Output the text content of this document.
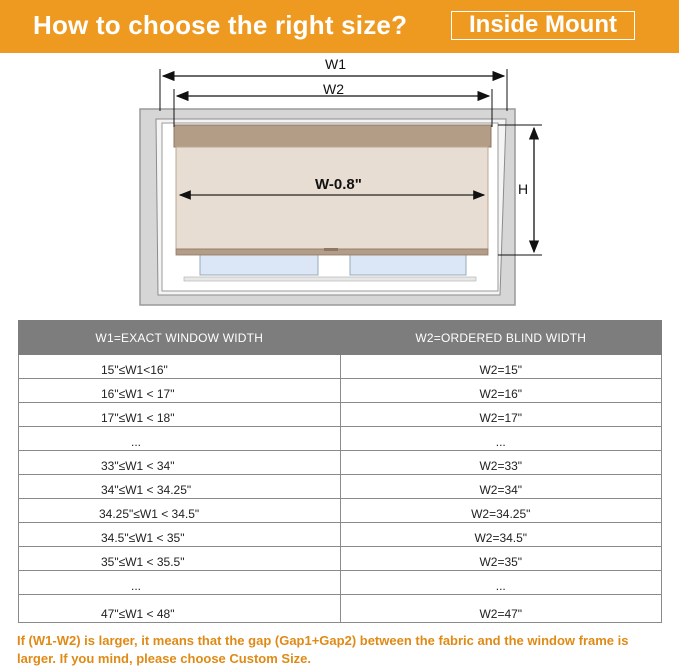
How to choose the right size?	Inside Mount
W1
W2
W-0.8"	H
W1=EXACT WINDOW WIDTH	W2=ORDERED BLIND WIDTH
15"≤W1<16"	W2=15"
16"≤W1 < 17"	W2=16"
17"≤W1 < 18"	W2=17"
...	...
33"≤W1 < 34"	W2=33"
34"≤W1 < 34.25"	W2=34"
34.25"≤W1 < 34.5"	W2=34.25"
34.5"≤W1 < 35"	W2=34.5"
35"≤W1 < 35.5"	W2=35"
...	...
47"≤W1 < 48"	W2=47"
If (W1-W2) is larger, it means that the gap (Gap1+Gap2) between the fabric and the window frame is larger. If you mind, please choose Custom Size.
